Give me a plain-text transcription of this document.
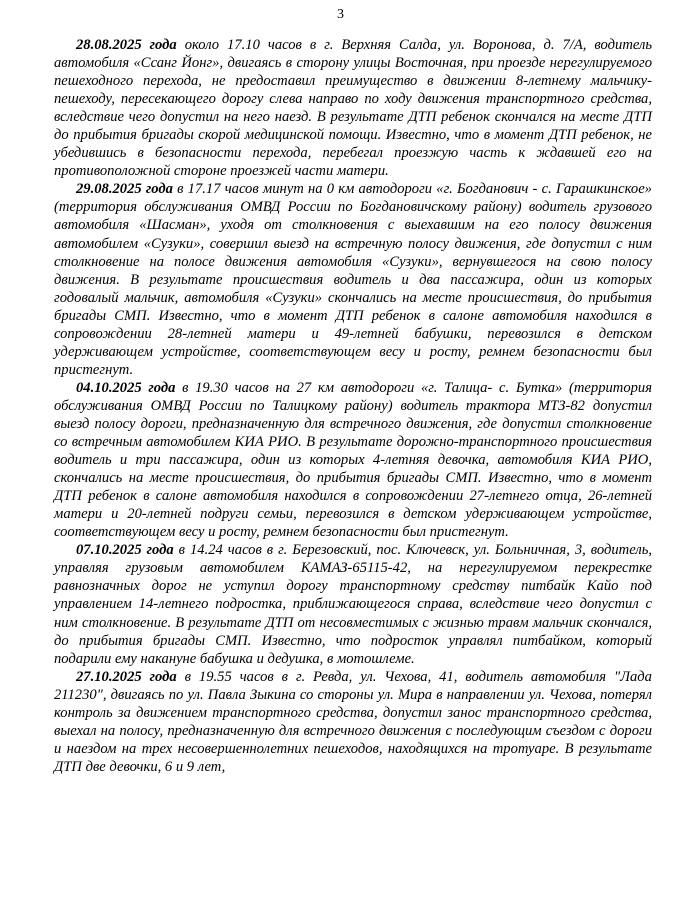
3

28.08.2025 года около 17.10 часов в г. Верхняя Салда, ул. Воронова, д. 7/А, водитель автомобиля «Ссанг Йонг», двигаясь в сторону улицы Восточная, при проезде нерегулируемого пешеходного перехода, не предоставил преимущество в движении 8-летнему мальчику-пешеходу, пересекающего дорогу слева направо по ходу движения транспортного средства, вследствие чего допустил на него наезд. В результате ДТП ребенок скончался на месте ДТП до прибытия бригады скорой медицинской помощи. Известно, что в момент ДТП ребенок, не убедившись в безопасности перехода, перебегал проезжую часть к ждавшей его на противоположной стороне проезжей части матери.

29.08.2025 года в 17.17 часов минут на 0 км автодороги «г. Богданович - с. Гарашкинское» (территория обслуживания ОМВД России по Богдановичскому району) водитель грузового автомобиля «Шасман», уходя от столкновения с выехавшим на его полосу движения автомобилем «Сузуки», совершил выезд на встречную полосу движения, где допустил с ним столкновение на полосе движения автомобиля «Сузуки», вернувшегося на свою полосу движения. В результате происшествия водитель и два пассажира, один из которых годовалый мальчик, автомобиля «Сузуки» скончались на месте происшествия, до прибытия бригады СМП. Известно, что в момент ДТП ребенок в салоне автомобиля находился в сопровождении 28-летней матери и 49-летней бабушки, перевозился в детском удерживающем устройстве, соответствующем весу и росту, ремнем безопасности был пристегнут.

04.10.2025 года в 19.30 часов на 27 км автодороги «г. Талица- с. Бутка» (территория обслуживания ОМВД России по Талицкому району) водитель трактора МТЗ-82 допустил выезд полосу дороги, предназначенную для встречного движения, где допустил столкновение со встречным автомобилем КИА РИО. В результате дорожно-транспортного происшествия водитель и три пассажира, один из которых 4-летняя девочка, автомобиля КИА РИО, скончались на месте происшествия, до прибытия бригады СМП. Известно, что в момент ДТП ребенок в салоне автомобиля находился в сопровождении 27-летнего отца, 26-летней матери и 20-летней подруги семьи, перевозился в детском удерживающем устройстве, соответствующем весу и росту, ремнем безопасности был пристегнут.

07.10.2025 года в 14.24 часов в г. Березовский, пос. Ключевск, ул. Больничная, 3, водитель, управляя грузовым автомобилем КАМАЗ-65115-42, на нерегулируемом перекрестке равнозначных дорог не уступил дорогу транспортному средству питбайк Кайо под управлением 14-летнего подростка, приближающегося справа, вследствие чего допустил с ним столкновение. В результате ДТП от несовместимых с жизнью травм мальчик скончался, до прибытия бригады СМП. Известно, что подросток управлял питбайком, который подарили ему накануне бабушка и дедушка, в мотошлеме.

27.10.2025 года в 19.55 часов в г. Ревда, ул. Чехова, 41, водитель автомобиля "Лада 211230", двигаясь по ул. Павла Зыкина со стороны ул. Мира в направлении ул. Чехова, потерял контроль за движением транспортного средства, допустил занос транспортного средства, выехал на полосу, предназначенную для встречного движения с последующим съездом с дороги и наездом на трех несовершеннолетних пешеходов, находящихся на тротуаре. В результате ДТП две девочки, 6 и 9 лет,
